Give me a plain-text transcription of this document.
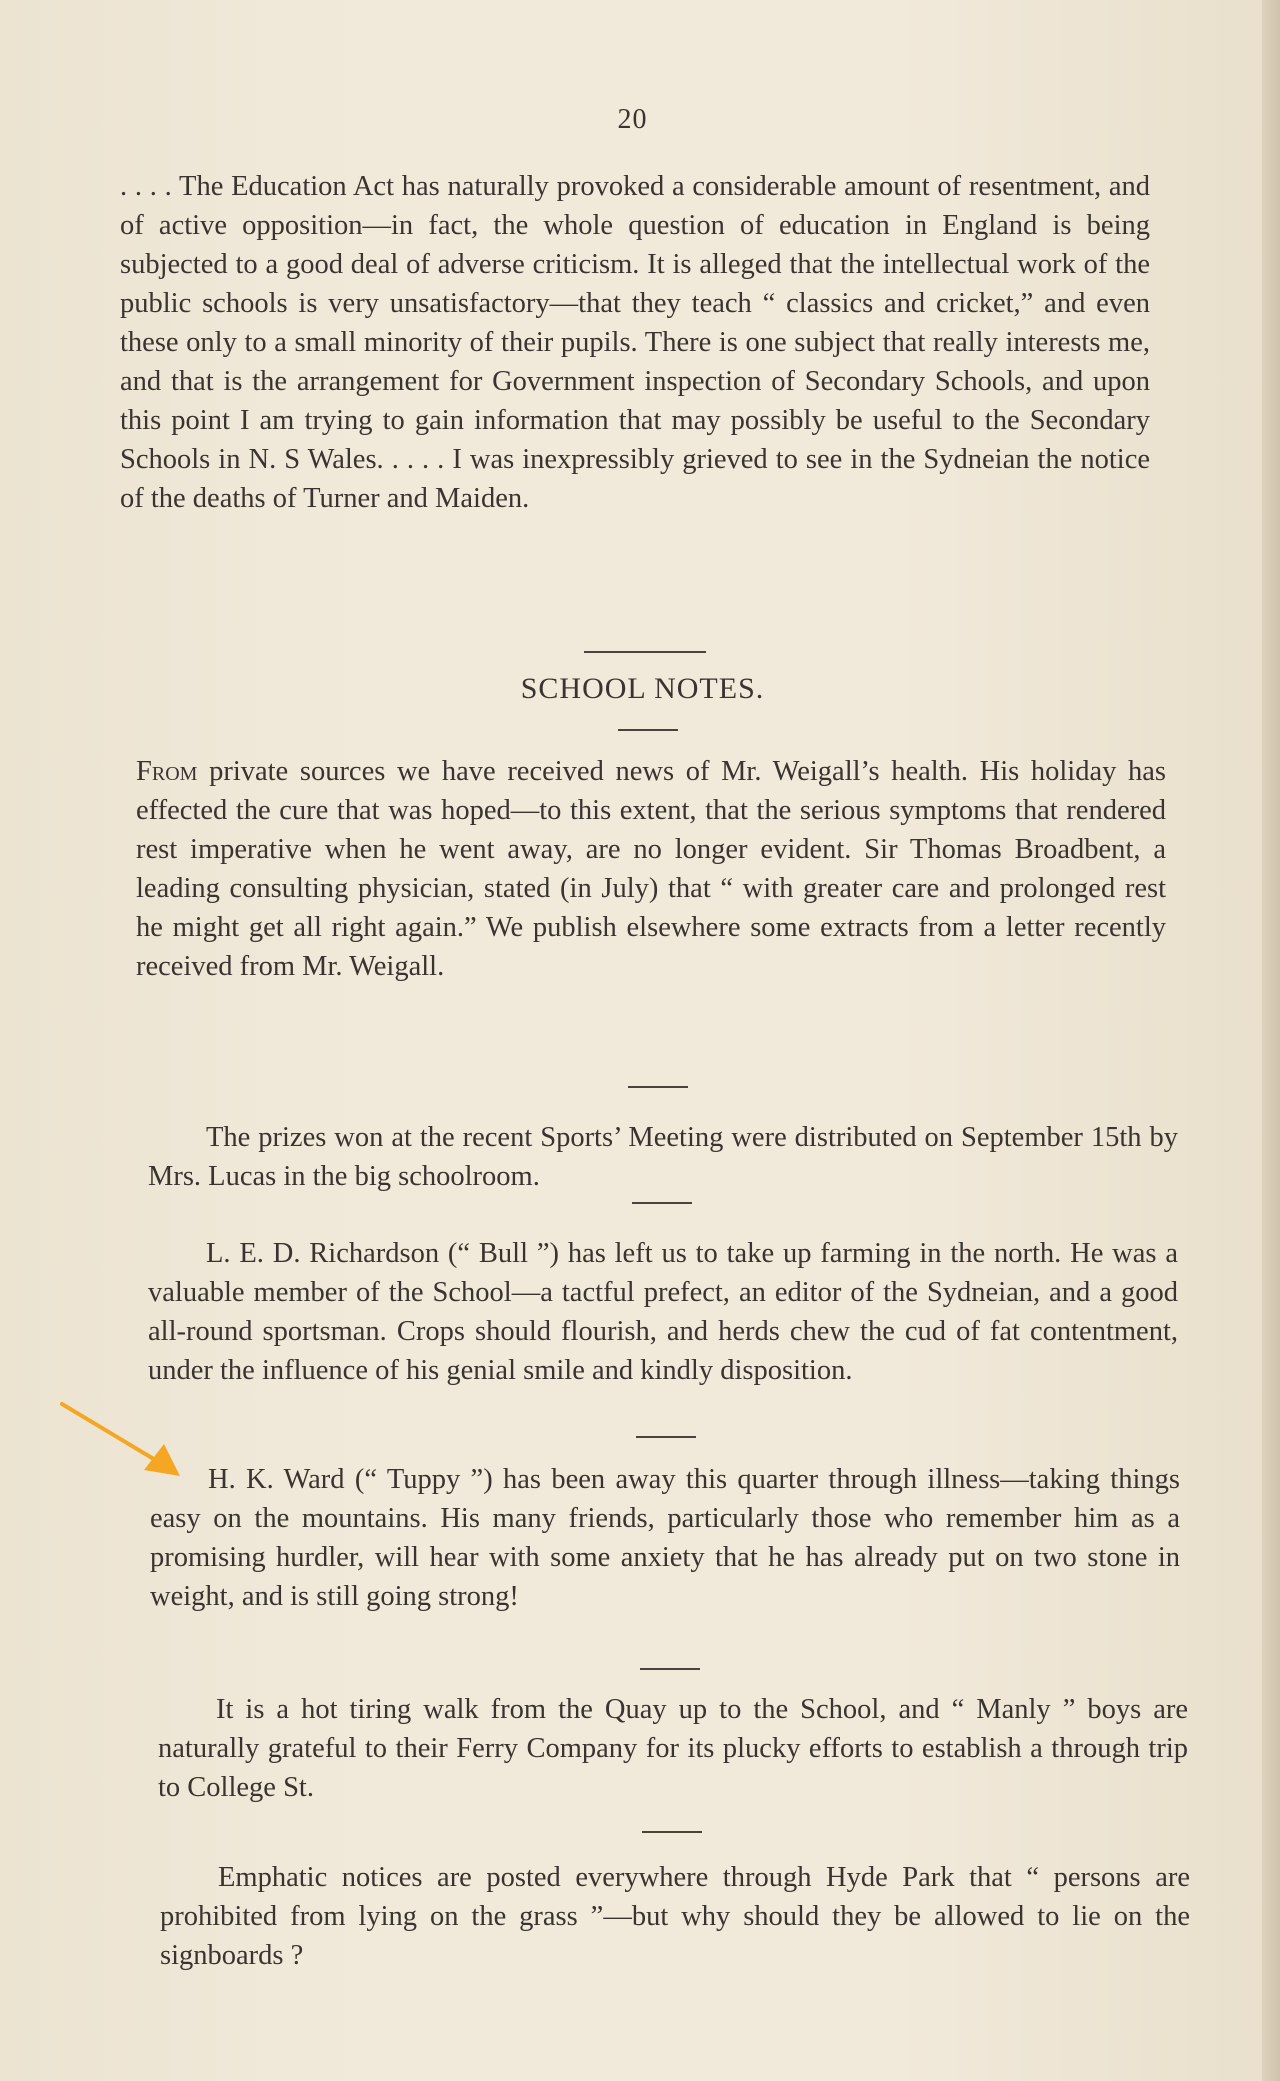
20

. . . . The Education Act has naturally provoked a considerable amount of resentment, and of active opposition—in fact, the whole question of education in England is being subjected to a good deal of adverse criticism. It is alleged that the intellectual work of the public schools is very unsatisfactory—that they teach “ classics and cricket,” and even these only to a small minority of their pupils. There is one subject that really interests me, and that is the arrangement for Government inspection of Secondary Schools, and upon this point I am trying to gain information that may possibly be useful to the Secondary Schools in N. S Wales. . . . . I was inexpressibly grieved to see in the Sydneian the notice of the deaths of Turner and Maiden.

SCHOOL NOTES.

From private sources we have received news of Mr. Weigall’s health. His holiday has effected the cure that was hoped—to this extent, that the serious symptoms that rendered rest imperative when he went away, are no longer evident. Sir Thomas Broadbent, a leading consulting physician, stated (in July) that “ with greater care and prolonged rest he might get all right again.” We publish elsewhere some extracts from a letter recently received from Mr. Weigall.

The prizes won at the recent Sports’ Meeting were distributed on September 15th by Mrs. Lucas in the big schoolroom.

L. E. D. Richardson (“ Bull ”) has left us to take up farming in the north. He was a valuable member of the School—a tactful prefect, an editor of the Sydneian, and a good all-round sportsman. Crops should flourish, and herds chew the cud of fat contentment, under the influence of his genial smile and kindly disposition.

H. K. Ward (“ Tuppy ”) has been away this quarter through illness—taking things easy on the mountains. His many friends, particularly those who remember him as a promising hurdler, will hear with some anxiety that he has already put on two stone in weight, and is still going strong!

It is a hot tiring walk from the Quay up to the School, and “ Manly ” boys are naturally grateful to their Ferry Company for its plucky efforts to establish a through trip to College St.

Emphatic notices are posted everywhere through Hyde Park that “ persons are prohibited from lying on the grass ”—but why should they be allowed to lie on the signboards ?
